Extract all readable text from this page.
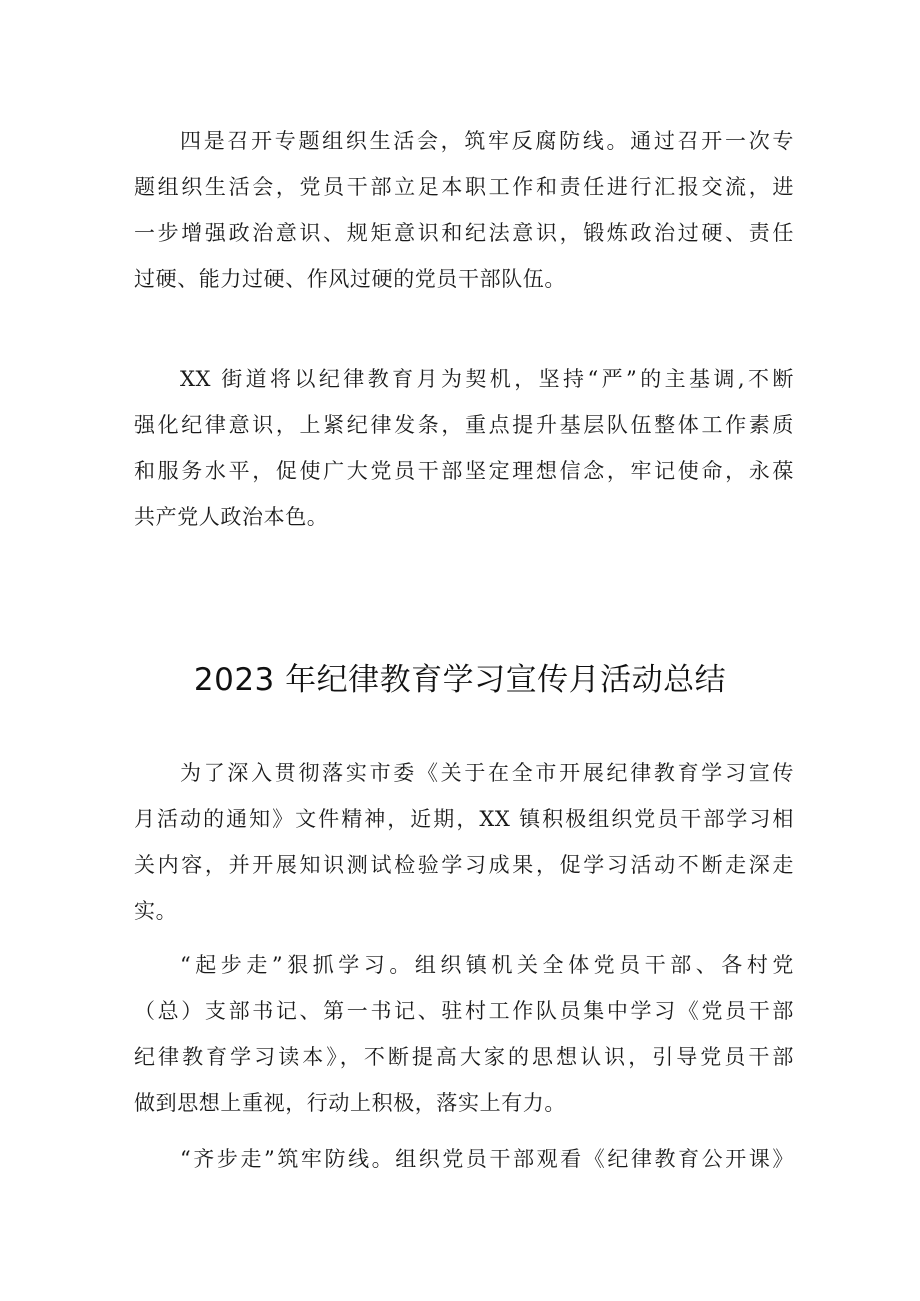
四是召开专题组织生活会，筑牢反腐防线。通过召开一次专
题组织生活会，党员干部立足本职工作和责任进行汇报交流，进
一步增强政治意识、规矩意识和纪法意识，锻炼政治过硬、责任
过硬、能力过硬、作风过硬的党员干部队伍。
XX 街道将以纪律教育月为契机，坚持“严”的主基调,不断
强化纪律意识，上紧纪律发条，重点提升基层队伍整体工作素质
和服务水平，促使广大党员干部坚定理想信念，牢记使命，永葆
共产党人政治本色。
2023 年纪律教育学习宣传月活动总结
为了深入贯彻落实市委《关于在全市开展纪律教育学习宣传
月活动的通知》文件精神，近期，XX 镇积极组织党员干部学习相
关内容，并开展知识测试检验学习成果，促学习活动不断走深走
实。
“起步走”狠抓学习。组织镇机关全体党员干部、各村党
（总）支部书记、第一书记、驻村工作队员集中学习《党员干部
纪律教育学习读本》，不断提高大家的思想认识，引导党员干部
做到思想上重视，行动上积极，落实上有力。
“齐步走”筑牢防线。组织党员干部观看《纪律教育公开课》
